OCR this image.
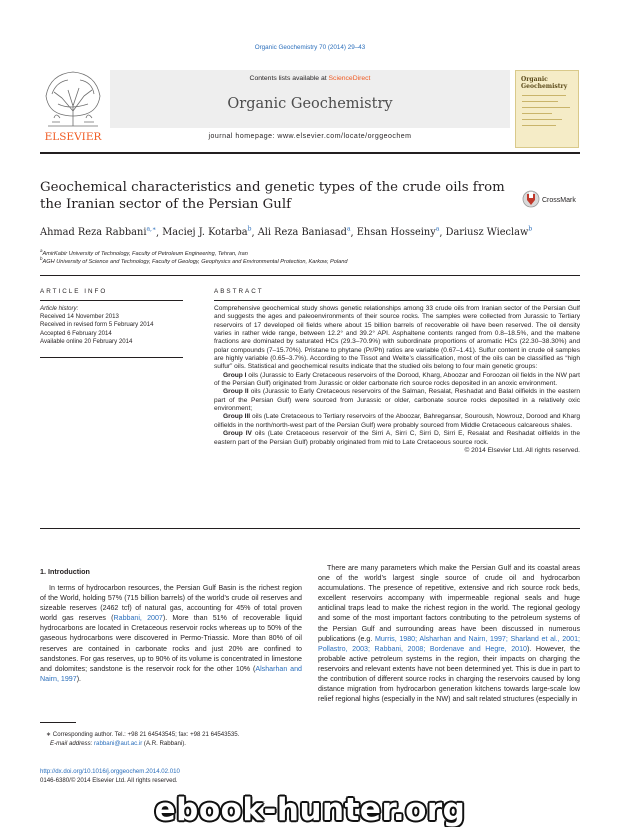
Organic Geochemistry 70 (2014) 29–43
ELSEVIER
Contents lists available at ScienceDirect
Organic Geochemistry
journal homepage: www.elsevier.com/locate/orggeochem
Organic
Geochemistry
Geochemical characteristics and genetic types of the crude oils from the Iranian sector of the Persian Gulf	CrossMark
Ahmad Reza Rabbani$^{a,∗}$, Maciej J. Kotarba$^b$, Ali Reza Baniasad$^a$, Ehsan Hosseiny$^a$, Dariusz Wieclaw$^b$
$^a$AmirKabir University of Technology, Faculty of Petroleum Engineering, Tehran, Iran
$^b$AGH University of Science and Technology, Faculty of Geology, Geophysics and Environmental Protection, Karkow, Poland
ARTICLE INFO
Article history:
Received 14 November 2013
Received in revised form 5 February 2014
Accepted 6 February 2014
Available online 20 February 2014
ABSTRACT

Comprehensive geochemical study shows genetic relationships among 33 crude oils from Iranian sector of the Persian Gulf and suggests the ages and paleoenvironments of their source rocks. The samples were collected from Jurassic to Tertiary reservoirs of 17 developed oil fields where about 15 billion barrels of recoverable oil have been reserved. The oil density varies in rather wide range, between 12.2° and 39.2° API. Asphaltene contents ranged from 0.8–18.5%, and the maltene fractions are dominated by saturated HCs (29.3–70.9%) with subordinate proportions of aromatic HCs (22.30–38.30%) and polar compounds (7–15.70%). Pristane to phytane (Pr/Ph) ratios are variable (0.67–1.41). Sulfur content in crude oil samples are highly variable (0.65–3.7%). According to the Tissot and Welte’s classification, most of the oils can be classified as “high sulfur” oils. Statistical and geochemical results indicate that the studied oils belong to four main genetic groups:

Group I oils (Jurassic to Early Cretaceous reservoirs of the Dorood, Kharg, Aboozar and Foroozan oil fields in the NW part of the Persian Gulf) originated from Jurassic or older carbonate rich source rocks deposited in an anoxic environment.

Group II oils (Jurassic to Early Cretaceous reservoirs of the Salman, Resalat, Reshadat and Balal oilfields in the eastern part of the Persian Gulf) were sourced from Jurassic or older, carbonate source rocks deposited in a relatively oxic environment;

Group III oils (Late Cretaceous to Tertiary reservoirs of the Aboozar, Bahregansar, Souroush, Nowrouz, Dorood and Kharg oilfields in the north/north-west part of the Persian Gulf) were probably sourced from Middle Cretaceous calcareous shales.

Group IV oils (Late Cretaceous reservoir of the Sirri A, Sirri C, Sirri D, Sirri E, Resalat and Reshadat oilfields in the eastern part of the Persian Gulf) probably originated from mid to Late Cretaceous source rock.

© 2014 Elsevier Ltd. All rights reserved.

1. Introduction

In terms of hydrocarbon resources, the Persian Gulf Basin is the richest region of the World, holding 57% (715 billion barrels) of the world’s crude oil reserves and sizeable reserves (2462 tcf) of natural gas, accounting for 45% of total proven world gas reserves (Rabbani, 2007). More than 51% of recoverable liquid hydrocarbons are located in Cretaceous reservoir rocks whereas up to 50% of the gaseous hydrocarbons were discovered in Permo-Triassic. More than 80% of oil reserves are contained in carbonate rocks and just 20% are confined to sandstones. For gas reserves, up to 90% of its volume is concentrated in limestone and dolomites; sandstone is the reservoir rock for the other 10% (Alsharhan and Nairn, 1997).

There are many parameters which make the Persian Gulf and its coastal areas one of the world’s largest single source of crude oil and hydrocarbon accumulations. The presence of repetitive, extensive and rich source rock beds, excellent reservoirs accompany with impermeable regional seals and huge anticlinal traps lead to make the richest region in the world. The regional geology and some of the most important factors contributing to the petroleum systems of the Persian Gulf and surrounding areas have been discussed in numerous publications (e.g. Murris, 1980; Alsharhan and Nairn, 1997; Sharland et al., 2001; Pollastro, 2003; Rabbani, 2008; Bordenave and Hegre, 2010). However, the probable active petroleum systems in the region, their impacts on charging the reservoirs and relevant extents have not been determined yet. This is due in part to the contribution of different source rocks in charging the reservoirs caused by long distance migration from hydrocarbon generation kitchens towards large-scale low relief regional highs (especially in the NW) and salt related structures (especially in

∗ Corresponding author. Tel.: +98 21 64543545; fax: +98 21 64543535.
E-mail address: rabbani@aut.ac.ir (A.R. Rabbani).
http://dx.doi.org/10.1016/j.orggeochem.2014.02.010
0146-6380/© 2014 Elsevier Ltd. All rights reserved.
ebook-hunter.org
